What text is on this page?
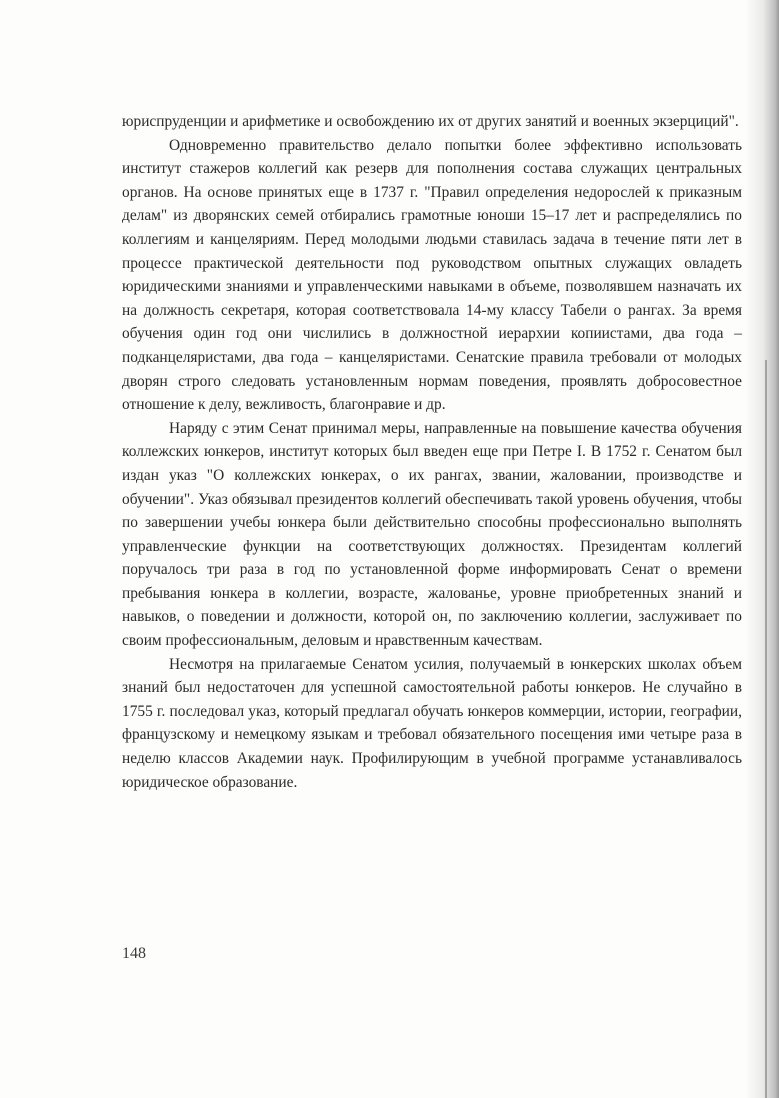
юриспруденции и арифметике и освобождению их от других занятий и военных экзерциций".

Одновременно правительство делало попытки более эффективно использовать институт стажеров коллегий как резерв для пополнения состава служащих центральных органов. На основе принятых еще в 1737 г. "Правил определения недорослей к приказным делам" из дворянских семей отбирались грамотные юноши 15–17 лет и распределялись по коллегиям и канцеляриям. Перед молодыми людьми ставилась задача в течение пяти лет в процессе практической деятельности под руководством опытных служащих овладеть юридическими знаниями и управленческими навыками в объеме, позволявшем назначать их на должность секретаря, которая соответствовала 14-му классу Табели о рангах. За время обучения один год они числились в должностной иерархии копиистами, два года – подканцеляристами, два года – канцеляристами. Сенатские правила требовали от молодых дворян строго следовать установленным нормам поведения, проявлять добросовестное отношение к делу, вежливость, благонравие и др.

Наряду с этим Сенат принимал меры, направленные на повышение качества обучения коллежских юнкеров, институт которых был введен еще при Петре I. В 1752 г. Сенатом был издан указ "О коллежских юнкерах, о их рангах, звании, жаловании, производстве и обучении". Указ обязывал президентов коллегий обеспечивать такой уровень обучения, чтобы по завершении учебы юнкера были действительно способны профессионально выполнять управленческие функции на соответствующих должностях. Президентам коллегий поручалось три раза в год по установленной форме информировать Сенат о времени пребывания юнкера в коллегии, возрасте, жалованье, уровне приобретенных знаний и навыков, о поведении и должности, которой он, по заключению коллегии, заслуживает по своим профессиональным, деловым и нравственным качествам.

Несмотря на прилагаемые Сенатом усилия, получаемый в юнкерских школах объем знаний был недостаточен для успешной самостоятельной работы юнкеров. Не случайно в 1755 г. последовал указ, который предлагал обучать юнкеров коммерции, истории, географии, французскому и немецкому языкам и требовал обязательного посещения ими четыре раза в неделю классов Академии наук. Профилирующим в учебной программе устанавливалось юридическое образование.

148
